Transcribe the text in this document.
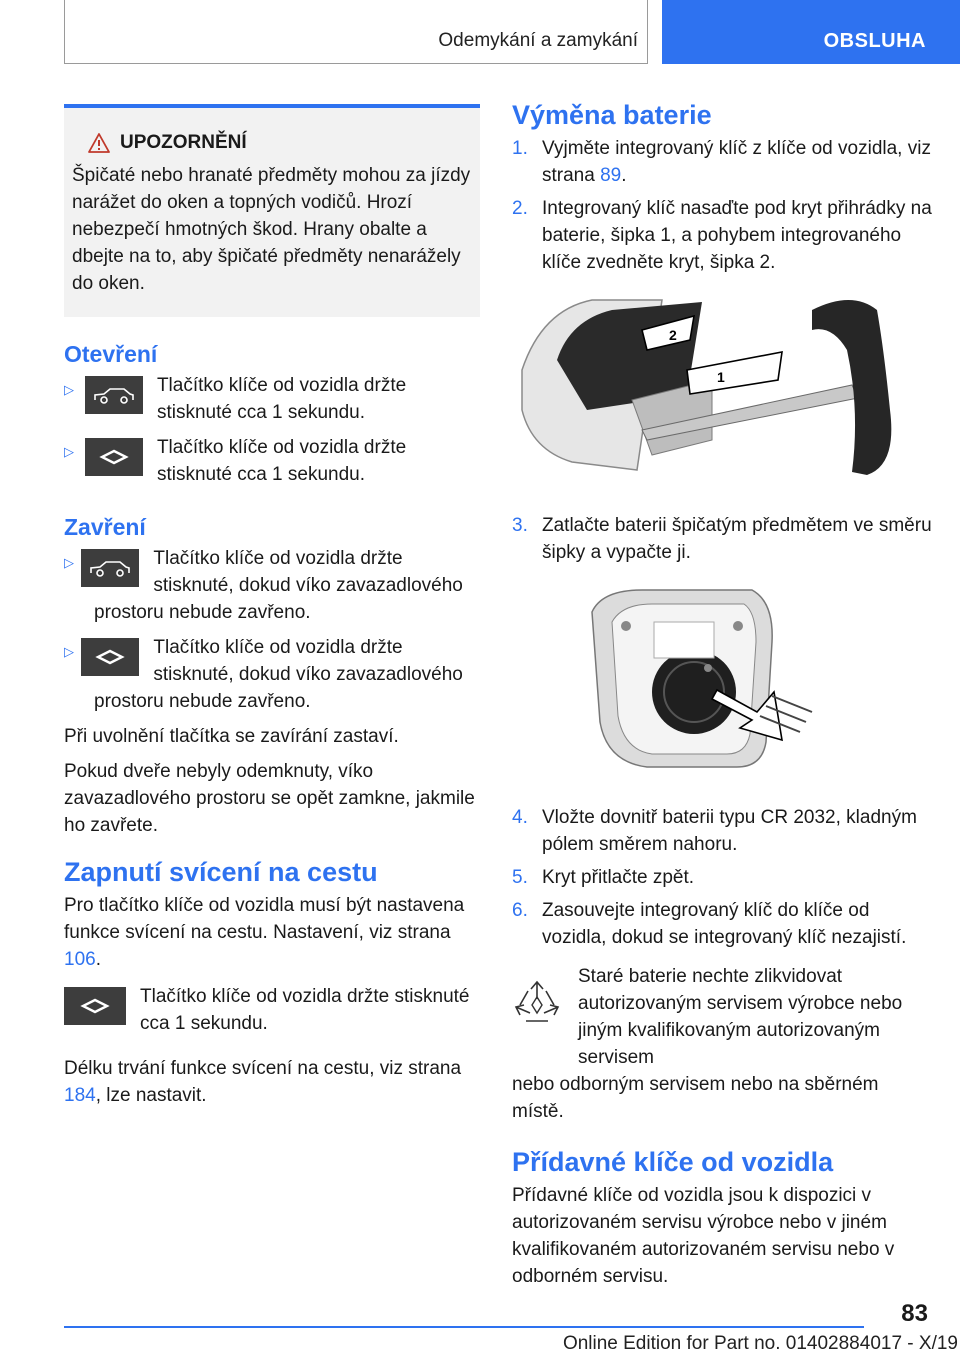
Odemykání a zamykání	OBSLUHA
UPOZORNĚNÍ
Špičaté nebo hranaté předměty mohou za jízdy narážet do oken a topných vodičů. Hrozí nebezpečí hmotných škod. Hrany obalte a dbejte na to, aby špičaté předměty nenarážely do oken.
Otevření
▷	Tlačítko klíče od vozidla držte stisknuté cca 1 sekundu.
▷	Tlačítko klíče od vozidla držte stisknuté cca 1 sekundu.
Zavření
▷	Tlačítko klíče od vozidla držte stisknuté, dokud víko zavazadlového
prostoru nebude zavřeno.
▷	Tlačítko klíče od vozidla držte stisknuté, dokud víko zavazadlového
prostoru nebude zavřeno.

Při uvolnění tlačítka se zavírání zastaví.

Pokud dveře nebyly odemknuty, víko zavazadlového prostoru se opět zamkne, jakmile ho zavřete.

Zapnutí svícení na cestu

Pro tlačítko klíče od vozidla musí být nastavena funkce svícení na cestu. Nastavení, viz strana 106.

Tlačítko klíče od vozidla držte stisknuté cca 1 sekundu.

Délku trvání funkce svícení na cestu, viz strana 184, lze nastavit.

Výměna baterie
1. Vyjměte integrovaný klíč z klíče od vozidla, viz strana 89.
2. Integrovaný klíč nasaďte pod kryt přihrádky na baterie, šipka 1, a pohybem integrovaného klíče zvedněte kryt, šipka 2.
2
1
3. Zatlačte baterii špičatým předmětem ve směru šipky a vypačte ji.
4. Vložte dovnitř baterii typu CR 2032, kladným pólem směrem nahoru.
5. Kryt přitlačte zpět.
6. Zasouvejte integrovaný klíč do klíče od vozidla, dokud se integrovaný klíč nezajistí.
Staré baterie nechte zlikvidovat autorizovaným servisem výrobce nebo jiným kvalifikovaným autorizovaným servisem

nebo odborným servisem nebo na sběrném místě.

Přídavné klíče od vozidla

Přídavné klíče od vozidla jsou k dispozici v autorizovaném servisu výrobce nebo v jiném kvalifikovaném autorizovaném servisu nebo v odborném servisu.

83
Online Edition for Part no. 01402884017 - X/19
